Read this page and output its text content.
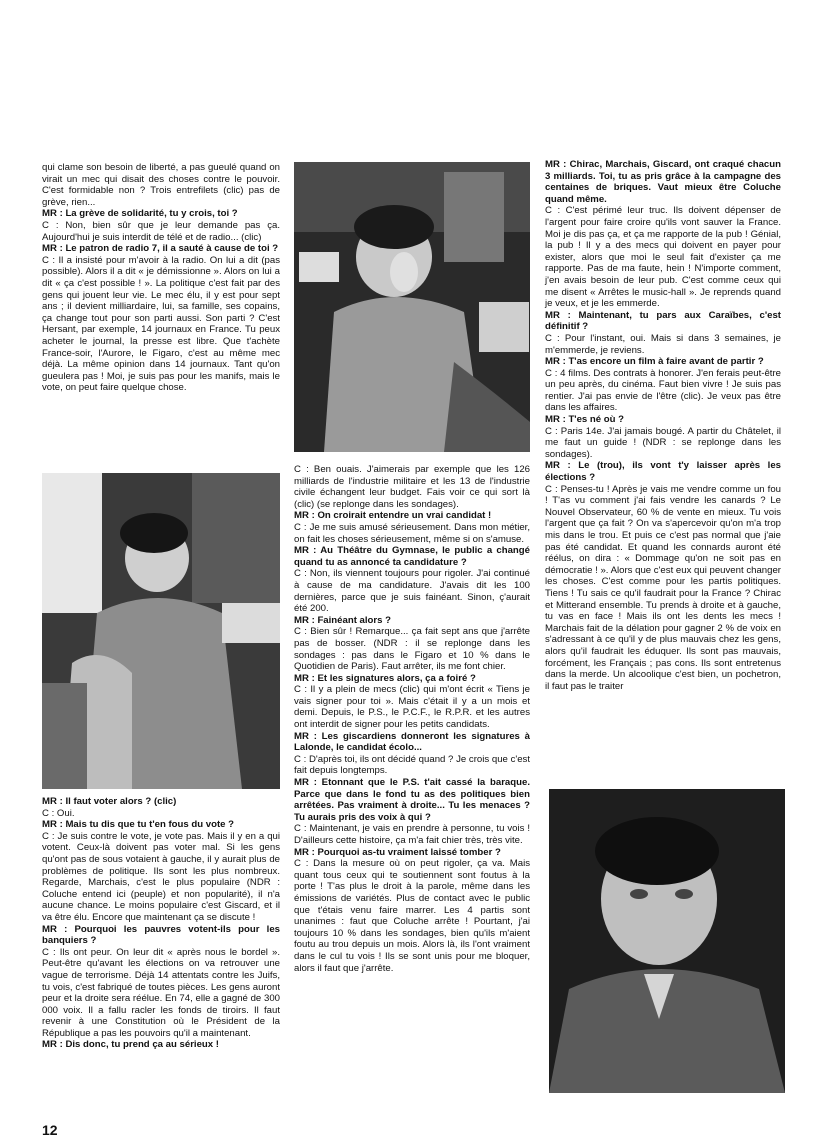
qui clame son besoin de liberté, a pas gueulé quand on virait un mec qui disait des choses contre le pouvoir. C'est formidable non ? Trois entrefilets (clic) pas de grève, rien...

MR : La grève de solidarité, tu y crois, toi ?

C : Non, bien sûr que je leur demande pas ça. Aujourd'hui je suis interdit de télé et de radio... (clic)

MR : Le patron de radio 7, il a sauté à cause de toi ?

C : Il a insisté pour m'avoir à la radio. On lui a dit (pas possible). Alors il a dit « je démissionne ». Alors on lui a dit « ça c'est possible ! ». La politique c'est fait par des gens qui jouent leur vie. Le mec élu, il y est pour sept ans ; il devient milliardaire, lui, sa famille, ses copains, ça change tout pour son parti aussi. Son parti ? C'est Hersant, par exemple, 14 journaux en France. Tu peux acheter le journal, la presse est libre. Que t'achète France-soir, l'Aurore, le Figaro, c'est au même mec déjà. La même opinion dans 14 journaux. Tant qu'on gueulera pas ! Moi, je suis pas pour les manifs, mais le vote, on peut faire quelque chose.

MR : Il faut voter alors ? (clic)

C : Oui.

MR : Mais tu dis que tu t'en fous du vote ?

C : Je suis contre le vote, je vote pas. Mais il y en a qui votent. Ceux-là doivent pas voter mal. Si les gens qu'ont pas de sous votaient à gauche, il y aurait plus de problèmes de politique. Ils sont les plus nombreux. Regarde, Marchais, c'est le plus populaire (NDR : Coluche entend ici (peuple) et non popularité), il n'a aucune chance. Le moins populaire c'est Giscard, et il va être élu. Encore que maintenant ça se discute !

MR : Pourquoi les pauvres votent-ils pour les banquiers ?

C : Ils ont peur. On leur dit « après nous le bordel ». Peut-être qu'avant les élections on va retrouver une vague de terrorisme. Déjà 14 attentats contre les Juifs, tu vois, c'est fabriqué de toutes pièces. Les gens auront peur et la droite sera réélue. En 74, elle a gagné de 300 000 voix. Il a fallu racler les fonds de tiroirs. Il faut revenir à une Constitution où le Président de la République a pas les pouvoirs qu'il a maintenant.

MR : Dis donc, tu prend ça au sérieux !

C : Ben ouais. J'aimerais par exemple que les 126 milliards de l'industrie militaire et les 13 de l'industrie civile échangent leur budget. Fais voir ce qui sort là (clic) (se replonge dans les sondages).

MR : On croirait entendre un vrai candidat !

C : Je me suis amusé sérieusement. Dans mon métier, on fait les choses sérieusement, même si on s'amuse.

MR : Au Théâtre du Gymnase, le public a changé quand tu as annoncé ta candidature ?

C : Non, ils viennent toujours pour rigoler. J'ai continué à cause de ma candidature. J'avais dit les 100 dernières, parce que je suis fainéant. Sinon, ç'aurait été 200.

MR : Fainéant alors ?

C : Bien sûr ! Remarque... ça fait sept ans que j'arrête pas de bosser. (NDR : il se replonge dans les sondages : pas dans le Figaro et 10 % dans le Quotidien de Paris). Faut arrêter, ils me font chier.

MR : Et les signatures alors, ça a foiré ?

C : Il y a plein de mecs (clic) qui m'ont écrit « Tiens je vais signer pour toi ». Mais c'était il y a un mois et demi. Depuis, le P.S., le P.C.F., le R.P.R. et les autres ont interdit de signer pour les petits candidats.

MR : Les giscardiens donneront les signatures à Lalonde, le candidat écolo...

C : D'après toi, ils ont décidé quand ? Je crois que c'est fait depuis longtemps.

MR : Etonnant que le P.S. t'ait cassé la baraque. Parce que dans le fond tu as des politiques bien arrêtées. Pas vraiment à droite... Tu les menaces ? Tu aurais pris des voix à qui ?

C : Maintenant, je vais en prendre à personne, tu vois ! D'ailleurs cette histoire, ça m'a fait chier très, très vite.

MR : Pourquoi as-tu vraiment laissé tomber ?

C : Dans la mesure où on peut rigoler, ça va. Mais quant tous ceux qui te soutiennent sont foutus à la porte ! T'as plus le droit à la parole, même dans les émissions de variétés. Plus de contact avec le public que t'étais venu faire marrer. Les 4 partis sont unanimes : faut que Coluche arrête ! Pourtant, j'ai toujours 10 % dans les sondages, bien qu'ils m'aient foutu au trou depuis un mois. Alors là, ils l'ont vraiment dans le cul tu vois ! Ils se sont unis pour me bloquer, alors il faut que j'arrête.

MR : Chirac, Marchais, Giscard, ont craqué chacun 3 milliards. Toi, tu as pris grâce à la campagne des centaines de briques. Vaut mieux être Coluche quand même.

C : C'est périmé leur truc. Ils doivent dépenser de l'argent pour faire croire qu'ils vont sauver la France. Moi je dis pas ça, et ça me rapporte de la pub ! Génial, la pub ! Il y a des mecs qui doivent en payer pour exister, alors que moi le seul fait d'exister ça me rapporte. Pas de ma faute, hein ! N'importe comment, j'en avais besoin de leur pub. C'est comme ceux qui me disent « Arrêtes le music-hall ». Je reprends quand je veux, et je les emmerde.

MR : Maintenant, tu pars aux Caraïbes, c'est définitif ?

C : Pour l'instant, oui. Mais si dans 3 semaines, je m'emmerde, je reviens.

MR : T'as encore un film à faire avant de partir ?

C : 4 films. Des contrats à honorer. J'en ferais peut-être un peu après, du cinéma. Faut bien vivre ! Je suis pas rentier. J'ai pas envie de l'être (clic). Je veux pas être dans les affaires.

MR : T'es né où ?

C : Paris 14e. J'ai jamais bougé. A partir du Châtelet, il me faut un guide ! (NDR : se replonge dans les sondages).

MR : Le (trou), ils vont t'y laisser après les élections ?

C : Penses-tu ! Après je vais me vendre comme un fou ! T'as vu comment j'ai fais vendre les canards ? Le Nouvel Observateur, 60 % de vente en mieux. Tu vois l'argent que ça fait ? On va s'apercevoir qu'on m'a trop mis dans le trou. Et puis ce c'est pas normal que j'aie pas été candidat. Et quand les connards auront été réélus, on dira : « Dommage qu'on ne soit pas en démocratie ! ». Alors que c'est eux qui peuvent changer les choses. C'est comme pour les partis politiques. Tiens ! Tu sais ce qu'il faudrait pour la France ? Chirac et Mitterand ensemble. Tu prends à droite et à gauche, tu vas en face ! Mais ils ont les dents les mecs ! Marchais fait de la délation pour gagner 2 % de voix en s'adressant à ce qu'il y de plus mauvais chez les gens, alors qu'il faudrait les éduquer. Ils sont pas mauvais, forcément, les Français ; pas cons. Ils sont entretenus dans la merde. Un alcoolique c'est bien, un pochetron, il faut pas le traiter

12
